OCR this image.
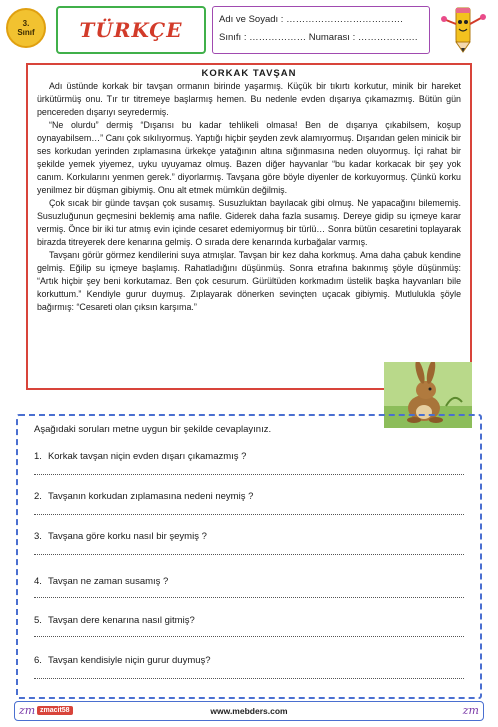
3.
Sınıf TÜRKÇE	Adı ve Soyadı : ……………………………….
Sınıfı : ……………… Numarası : ……………….
KORKAK TAVŞAN

Adı üstünde korkak bir tavşan ormanın birinde yaşarmış. Küçük bir tıkırtı korkutur, minik bir hareket ürkütürmüş onu. Tır tır titremeye başlarmış hemen. Bu nedenle evden dışarıya çıkamazmış. Bütün gün pencereden dışarıyı seyredermiş.

“Ne olurdu” dermiş “Dışarısı bu kadar tehlikeli olmasa! Ben de dışarıya çıkabilsem, koşup oynayabilsem…” Canı çok sıkılıyormuş. Yaptığı hiçbir şeyden zevk alamıyormuş. Dışarıdan gelen minicik bir ses korkudan yerinden zıplamasına ürkekçe yatağının altına sığınmasına neden oluyormuş. İçi rahat bir şekilde yemek yiyemez, uyku uyuyamaz olmuş. Bazen diğer hayvanlar “bu kadar korkacak bir şey yok canım. Korkularını yenmen gerek.” diyorlarmış. Tavşana göre böyle diyenler de korkuyormuş. Çünkü korku yenilmez bir düşman gibiymiş. Onu alt etmek mümkün değilmiş.

Çok sıcak bir günde tavşan çok susamış. Susuzluktan bayılacak gibi olmuş. Ne yapacağını bilememiş. Susuzluğunun geçmesini beklemiş ama nafile. Giderek daha fazla susamış. Dereye gidip su içmeye karar vermiş. Önce bir iki tur atmış evin içinde cesaret edemiyormuş bir türlü… Sonra bütün cesaretini toplayarak birazda titreyerek dere kenarına gelmiş. O sırada dere kenarında kurbağalar varmış.

Tavşanı görür görmez kendilerini suya atmışlar. Tavşan bir kez daha korkmuş. Ama daha çabuk kendine gelmiş. Eğilip su içmeye başlamış. Rahatladığını düşünmüş. Sonra etrafına bakınmış şöyle düşünmüş: “Artık hiçbir şey beni korkutamaz. Ben çok cesurum. Gürültüden korkmadım üstelik başka hayvanları bile korkuttum.” Kendiyle gurur duymuş. Zıplayarak dönerken sevinçten uçacak gibiymiş. Mutlulukla şöyle bağırmış: “Cesareti olan çıksın karşıma.”

Aşağıdaki soruları metne uygun bir şekilde cevaplayınız.
1. Korkak tavşan niçin evden dışarı çıkamazmış ?
2. Tavşanın korkudan zıplamasına nedeni neymiş ?
3. Tavşana göre korku nasıl bir şeymiş ?
4. Tavşan ne zaman susamış ?
5. Tavşan dere kenarına nasıl gitmiş?
6. Tavşan kendisiyle niçin gurur duymuş?
zm zmacit58	www.mebders.com	zm
